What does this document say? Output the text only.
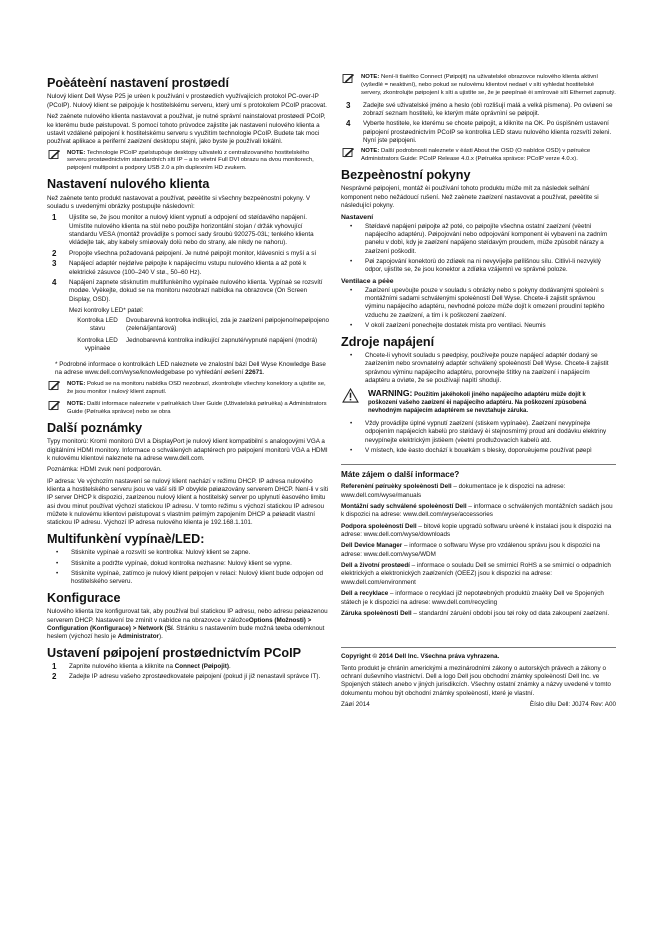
Poèáteèní nastavení prostøedí

Nulový klient Dell Wyse P25 je urèen k používání v prostøedích využívajících protokol PC-over-IP (PCoIP). Nulový klient se pøipojuje k hostitelskému serveru, který umí s protokolem PCoIP pracovat.

Než zaènete nulového klienta nastavovat a používat, je nutné správní nainstalovat prostøedí PCoIP, ke kterému bude pøistupovat. S pomocí tohoto prùvodce zajistíte jak nastavení nulového klienta a ustavit vzdálené pøipojení k hostitelskému serveru s využitím technologie PCoIP. Budete tak moci používat aplikace a periferní zaøízení desktopu stejnì, jako byste je používali lokálnì.

NOTE: Technologie PCoIP zpøístupòuje desktopy uživatelù z centralizovaného hostitelského serveru prostøednictvím standardních sítí IP – a to vèetnì Full DVI obrazu na dvou monitorech, pøipojení multipoint a podpory USB 2.0 a pln duplexním HD zvukem.
Nastavení nulového klienta

Než zaènete tento produkt nastavovat a používat, pøeètìte si všechny bezpeènostní pokyny. V souladu s uvedenými obrázky postupujte následovnì:

1 Ujistìte se, že jsou monitor a nulový klient vypnutí a odpojení od støídavého napájení. Umístìte nulového klienta na stùl nebo použijte horizontální stojan / držák vyhovující standardu VESA (montáž provádìjte s pomocí sady šroubù 920275-03L; tenkého klienta vkládejte tak, aby kabely smìøovaly dolù nebo do strany, ale nikdy ne nahoru).
2 Propojte všechna požadovaná pøipojení. Je nutné pøipojit monitor, klávesnici s myší a sí
3 Napájecí adaptér nejdøíve pøipojte k napájecímu vstupu nulového klienta a až poté k elektrické zásuvce (100–240 V stø., 50–60 Hz).
4 Napájení zapnete stisknutím multifunkèního vypínaèe nulového klienta. Vypínaè se rozsvítí modøe. Vyèkejte, dokud se na monitoru nezobrazí nabídka na obrazovce (On Screen Display, OSD).
Mezi kontrolky LED* patøí:
Kontrolka LED stavu	Dvoubarevná kontrolka indikující, zda je zaøízení pøipojeno/nepøipojeno (zelená/jantarová)
Kontrolka LED vypínaèe	Jednobarevná kontrolka indikující zapnuté/vypnuté napájení (modrá)
* Podrobné informace o kontrolkách LED naleznete ve znalostní bázi Dell Wyse Knowledge Base na adrese www.dell.com/wyse/knowledgebase po vyhledání øešení 22671.
NOTE: Pokud se na monitoru nabídka OSD nezobrazí, zkontrolujte všechny konektory a ujistìte se, že jsou monitor i nulový klient zapnutí.
NOTE: Další informace naleznete v pøíruèkách User Guide (Uživatelská pøíruèka) a Administrators Guide (Pøíruèka správce) nebo se obra
Další poznámky

Typy monitorù: Kromì monitorù DVI a DisplayPort je nulový klient kompatibilní s analogovými VGA a digitálními HDMI monitory. Informace o schválených adaptérech pro pøipojení monitorù VGA a HDMI k nulovému klientovi naleznete na adrese www.dell.com.

Poznámka: HDMI zvuk není podporován.

IP adresa: Ve výchozím nastavení se nulový klient nachází v režimu DHCP. IP adresa nulového klienta a hostitelského serveru jsou ve vaší síti IP obvykle pøiøazovány serverem DHCP. Není-li v síti IP server DHCP k dispozici, zaøízenou nulový klient a hostitelský server po uplynutí èasového limitu asi dvou minut používat výchozí statickou IP adresu. V tomto režimu s výchozí statickou IP adresou müžete k nulovému klientovi pøistupovat s vlastním pøímým zapojením DHCP a pøiøadit vlastní statickou IP adresu. Výchozí IP adresa nulového klienta je 192.168.1.101.

Multifunkèní vypínaè/LED:
• Stisknìte vypínaè a rozsvítí se kontrolka: Nulový klient se zapne.
• Stisknìte a podržte vypínaè, dokud kontrolka nezhasne: Nulový klient se vypne.
• Stisknìte vypínaè, zatímco je nulový klient pøipojen v relaci: Nulový klient bude odpojen od hostitelského serveru.
Konfigurace

Nulového klienta lze konfigurovat tak, aby používal buï statickou IP adresu, nebo adresu pøiøazenou serverem DHCP. Nastavení lze zmìnit v nabídce na obrazovce v záložceOptions (Možnosti) > Configuration (Konfigurace) > Network (Sí. Stránku s nastavením bude možná tøeba odemknout heslem (výchozí heslo je Administrator).

Ustavení pøipojení prostøednictvím PCoIP
1 Zapnìte nulového klienta a kliknìte na Connect (Pøipojit).
2 Zadejte IP adresu vašeho zprostøedkovatele pøipojení (pokud jí již nenastavil správce IT).
NOTE: Není-li tlaèítko Connect (Pøipojit) na uživatelské obrazovce nulového klienta aktivní (vyšedlé = neaktivní), nebo pokud se nulovému klientovi nedaøí v síti vyhledat hostitelské servery, zkontrolujte pøipojení k síti a ujistìte se, že je pøepínaè èi smìrovaè sítì Ethernet zapnutý.
3 Zadejte své uživatelské jméno a heslo (obì rozlišují malá a velká písmena). Po ovìøení se zobrazí seznam hostitelù, ke kterým máte oprávnìní se pøipojit.
4 Vyberte hostitele, ke kterému se chcete pøipojit, a kliknìte na OK. Po úspìšném ustavení pøipojení prostøednictvím PCoIP se kontrolka LED stavu nulového klienta rozsvítí zelenì. Nyní jste pøipojeni.
NOTE: Další podrobnosti naleznete v èásti About the OSD (O nabídce OSD) v pøíruèce Administrators Guide: PCoIP Release 4.0.x (Pøíruèka správce: PCoIP verze 4.0.x).
Bezpeènostní pokyny

Nesprávné pøipojení, montáž èi používání tohoto produktu mùže mít za následek selhání komponent nebo nežádoucí rušení. Než zaènete zaøízení nastavovat a používat, pøeètìte si následující pokyny.

Nastavení
• Støídavé napájení pøipojte až poté, co pøipojíte všechna ostatní zaøízení (vèetnì napájecího adaptéru). Pøipojování nebo odpojování komponent èi vybavení na zadním panelu v dobì, kdy je zaøízení napájeno støídavým proudem, mùže zpùsobit nárazy a zaøízení poškodit.
• Pøi zapojování konektorù do zdíøek na ni nevyvíjejte pøílišnou sílu. Citlivì-li nezvyklý odpor, ujistìte se, že jsou konektor a zdíøka vzájemnì ve správné poloze.
Ventilace a péèe
• Zaøízení upevòujte pouze v souladu s obrázky nebo s pokyny dodávanými spoleènì s montážními sadami schválenými spoleèností Dell Wyse. Chcete-li zajistit správnou výminu napájecího adaptéru, nevhodné poloze mùže dojít k omezení proudìní teplého vzduchu ze zaøízení, a tím i k poškození zaøízení.
• V okolí zaøízení ponechejte dostatek místa pro ventilaci. Neumis
Zdroje napájení
• Chcete-li vyhovìt souladu s pøedpisy, používejte pouze napájecí adaptér dodaný se zaøízením nebo srovnatelný adaptér schválený spoleèností Dell Wyse. Chcete-li zajistit správnou výminu napájecího adaptéru, porovnejte štítky na zaøízení i napájecím adaptéru a ovìøte, že se používají napìtí shodují.
WARNING: Použitím jakéhokoli jiného napájecího adaptéru mùže dojít k poškození vašeho zaøízení èi napájecího adaptéru. Na poškození zpùsobená nevhodným napájecím adaptérem se nevztahuje záruka.
• Vždy provádìjte úplné vypnutí zaøízení (stiskem vypínaèe). Zaøízení nevypínejte odpojením napájecích kabelù pro støídavý èi stejnosmìrný proud ani dodávku elektriny nevypínejte elektrickým jistièem (vèetnì prodlužovacích kabelù atd.
• V místech, kde èasto dochází k bouøkám s blesky, doporuèujeme používat pøepì
Máte zájem o další informace?

Referenèní pøíruèky spoleènosti Dell – dokumentace je k dispozici na adrese: www.dell.com/wyse/manuals

Montážní sady schválené spoleèností Dell – informace o schválených montážních sadách jsou k dispozici na adrese: www.dell.com/wyse/accessories

Podpora spoleèností Dell – bitové kopie upgradù softwaru urèené k instalaci jsou k dispozici na adrese: www.dell.com/wyse/downloads

Dell Device Manager – informace o softwaru Wyse pro vzdálenou správu jsou k dispozici na adrese: www.dell.com/wyse/WDM

Dell a životní prostøedí – informace o souladu Dell se smìrnicí RoHS a se smìrnicí o odpadních elektrických a elektronických zaøízeních (OEEZ) jsou k dispozici na adrese: www.dell.com/environment

Dell a recyklace – informace o recyklaci již nepotøebných produktù znaèky Dell ve Spojených státech je k dispozici na adrese: www.dell.com/recycling

Záruka spoleènosti Dell – standardní záruèní období jsou tøi roky od data zakoupení zaøízení.

Copyright © 2014 Dell Inc. Všechna práva vyhrazena.

Tento produkt je chránìn americkými a mezinárodními zákony o autorských právech a zákony o ochraní duševního vlastnictví. Dell a logo Dell jsou obchodní známky spoleèností Dell Inc. ve Spojených státech anebo v jiných jurisdikcích. Všechny ostatní známky a názvy uvedené v tomto dokumentu mohou být obchodní známky spoleèností, které je vlastní.

Záøí 2014	Èíslo dílu Dell: J0J74 Rev: A00
